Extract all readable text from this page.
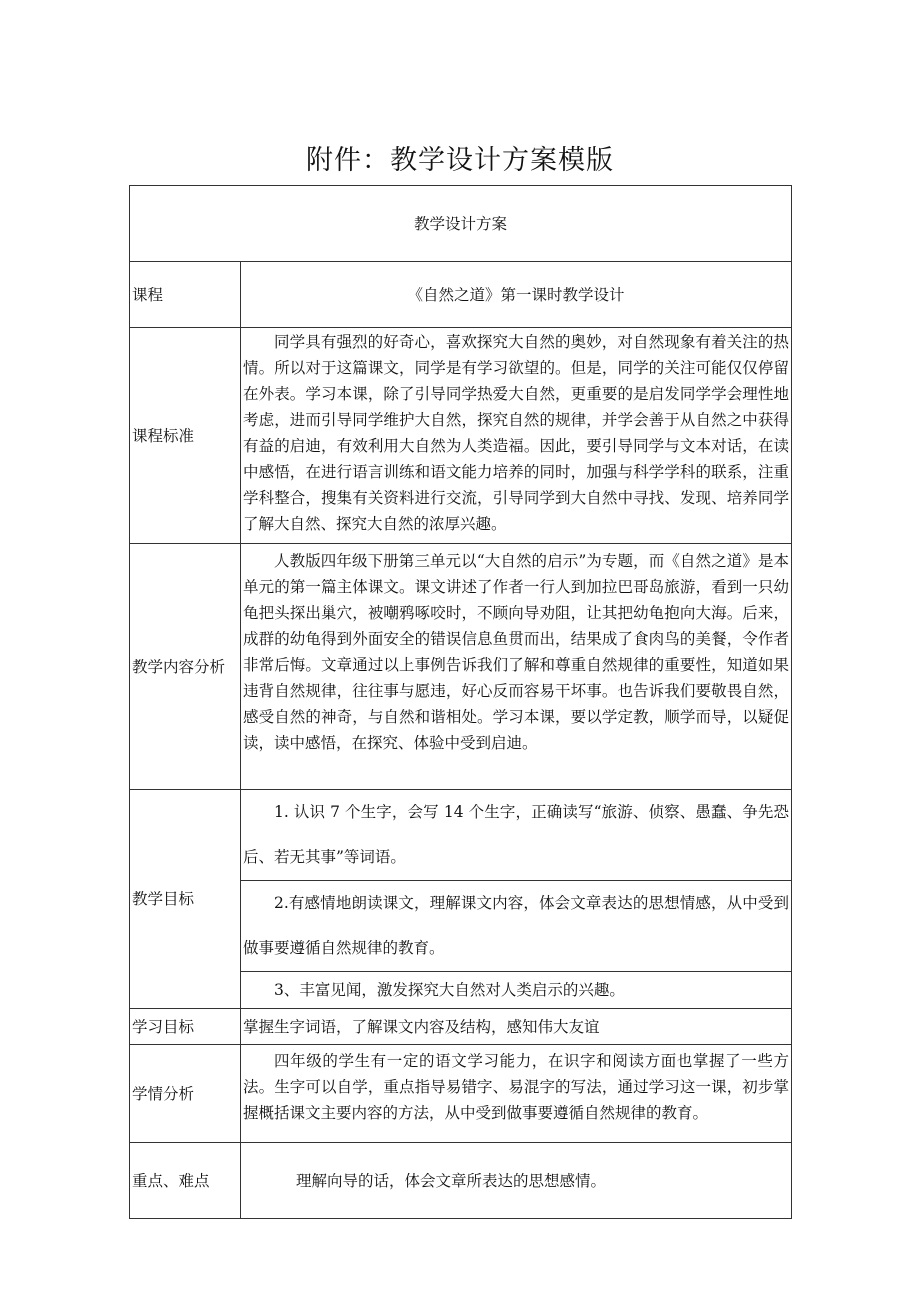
附件：教学设计方案模版
教学设计方案	
课程	《自然之道》第一课时教学设计
课程标准	同学具有强烈的好奇心，喜欢探究大自然的奥妙，对自然现象有着关注的热情。所以对于这篇课文，同学是有学习欲望的。但是，同学的关注可能仅仅停留在外表。学习本课，除了引导同学热爱大自然，更重要的是启发同学学会理性地考虑，进而引导同学维护大自然，探究自然的规律，并学会善于从自然之中获得有益的启迪，有效利用大自然为人类造福。因此，要引导同学与文本对话，在读中感悟，在进行语言训练和语文能力培养的同时，加强与科学学科的联系，注重学科整合，搜集有关资料进行交流，引导同学到大自然中寻找、发现、培养同学了解大自然、探究大自然的浓厚兴趣。
教学内容分析	人教版四年级下册第三单元以“大自然的启示”为专题，而《自然之道》是本单元的第一篇主体课文。课文讲述了作者一行人到加拉巴哥岛旅游，看到一只幼龟把头探出巢穴，被嘲鸦啄咬时，不顾向导劝阻，让其把幼龟抱向大海。后来，成群的幼龟得到外面安全的错误信息鱼贯而出，结果成了食肉鸟的美餐，令作者非常后悔。文章通过以上事例告诉我们了解和尊重自然规律的重要性，知道如果违背自然规律，往往事与愿违，好心反而容易干坏事。也告诉我们要敬畏自然，感受自然的神奇，与自然和谐相处。学习本课，要以学定教，顺学而导，以疑促读，读中感悟，在探究、体验中受到启迪。
教学目标	1. 认识 7 个生字，会写 14 个生字，正确读写“旅游、侦察、愚蠢、争先恐后、若无其事”等词语。
	2.有感情地朗读课文，理解课文内容，体会文章表达的思想情感，从中受到做事要遵循自然规律的教育。
	3、丰富见闻，激发探究大自然对人类启示的兴趣。
学习目标	掌握生字词语，了解课文内容及结构，感知伟大友谊
学情分析	四年级的学生有一定的语文学习能力，在识字和阅读方面也掌握了一些方法。生字可以自学，重点指导易错字、易混字的写法，通过学习这一课，初步掌握概括课文主要内容的方法，从中受到做事要遵循自然规律的教育。
重点、难点	理解向导的话，体会文章所表达的思想感情。
